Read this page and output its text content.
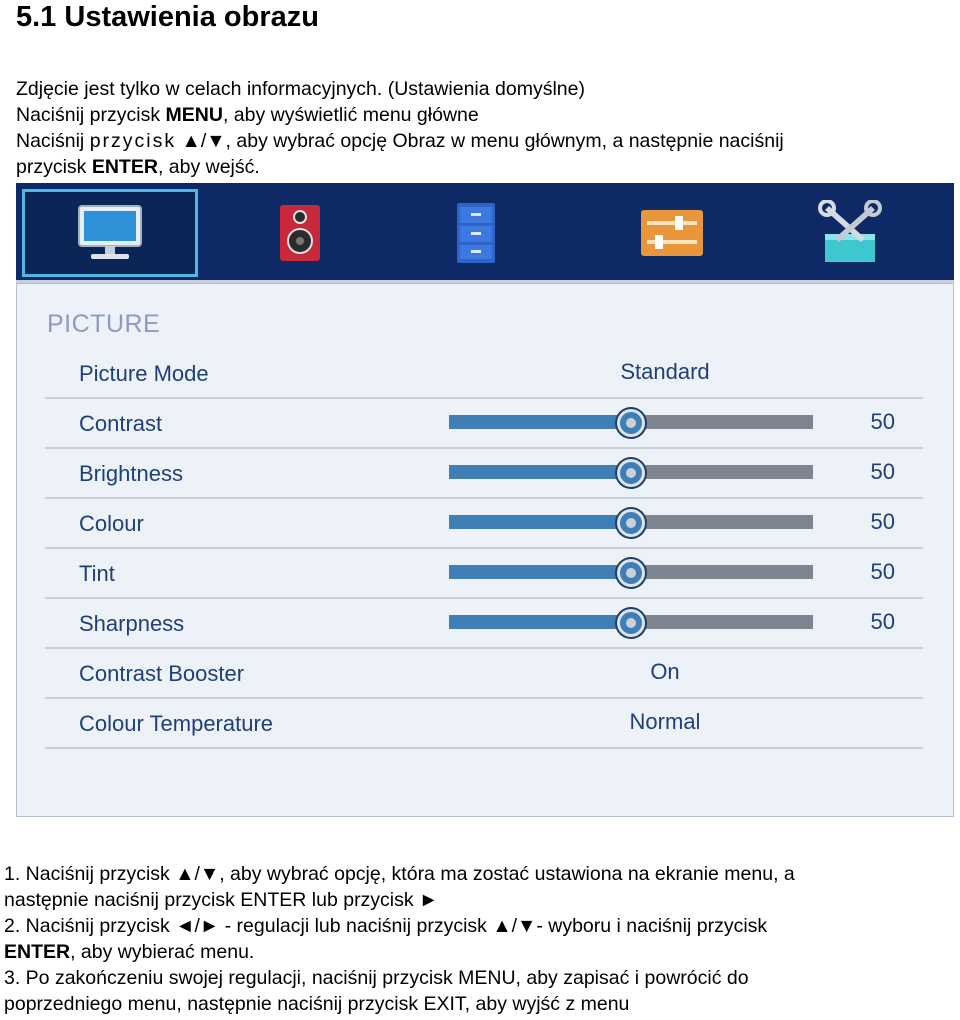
5.1 Ustawienia obrazu

Zdjęcie jest tylko w celach informacyjnych. (Ustawienia domyślne)

Naciśnij przycisk MENU, aby wyświetlić menu główne

Naciśnij przycisk ▲/▼, aby wybrać opcję Obraz w menu głównym, a następnie naciśnij

przycisk ENTER, aby wejść.

PICTURE
Picture Mode	Standard
Contrast	50
Brightness	50
Colour	50
Tint	50
Sharpness	50
Contrast Booster	On
Colour Temperature	Normal

1. Naciśnij przycisk ▲/▼, aby wybrać opcję, która ma zostać ustawiona na ekranie menu, a

następnie naciśnij przycisk ENTER lub przycisk ►

2. Naciśnij przycisk ◄/► - regulacji lub naciśnij przycisk ▲/▼- wyboru i naciśnij przycisk

ENTER, aby wybierać menu.

3. Po zakończeniu swojej regulacji, naciśnij przycisk MENU, aby zapisać i powrócić do

poprzedniego menu, następnie naciśnij przycisk EXIT, aby wyjść z menu
